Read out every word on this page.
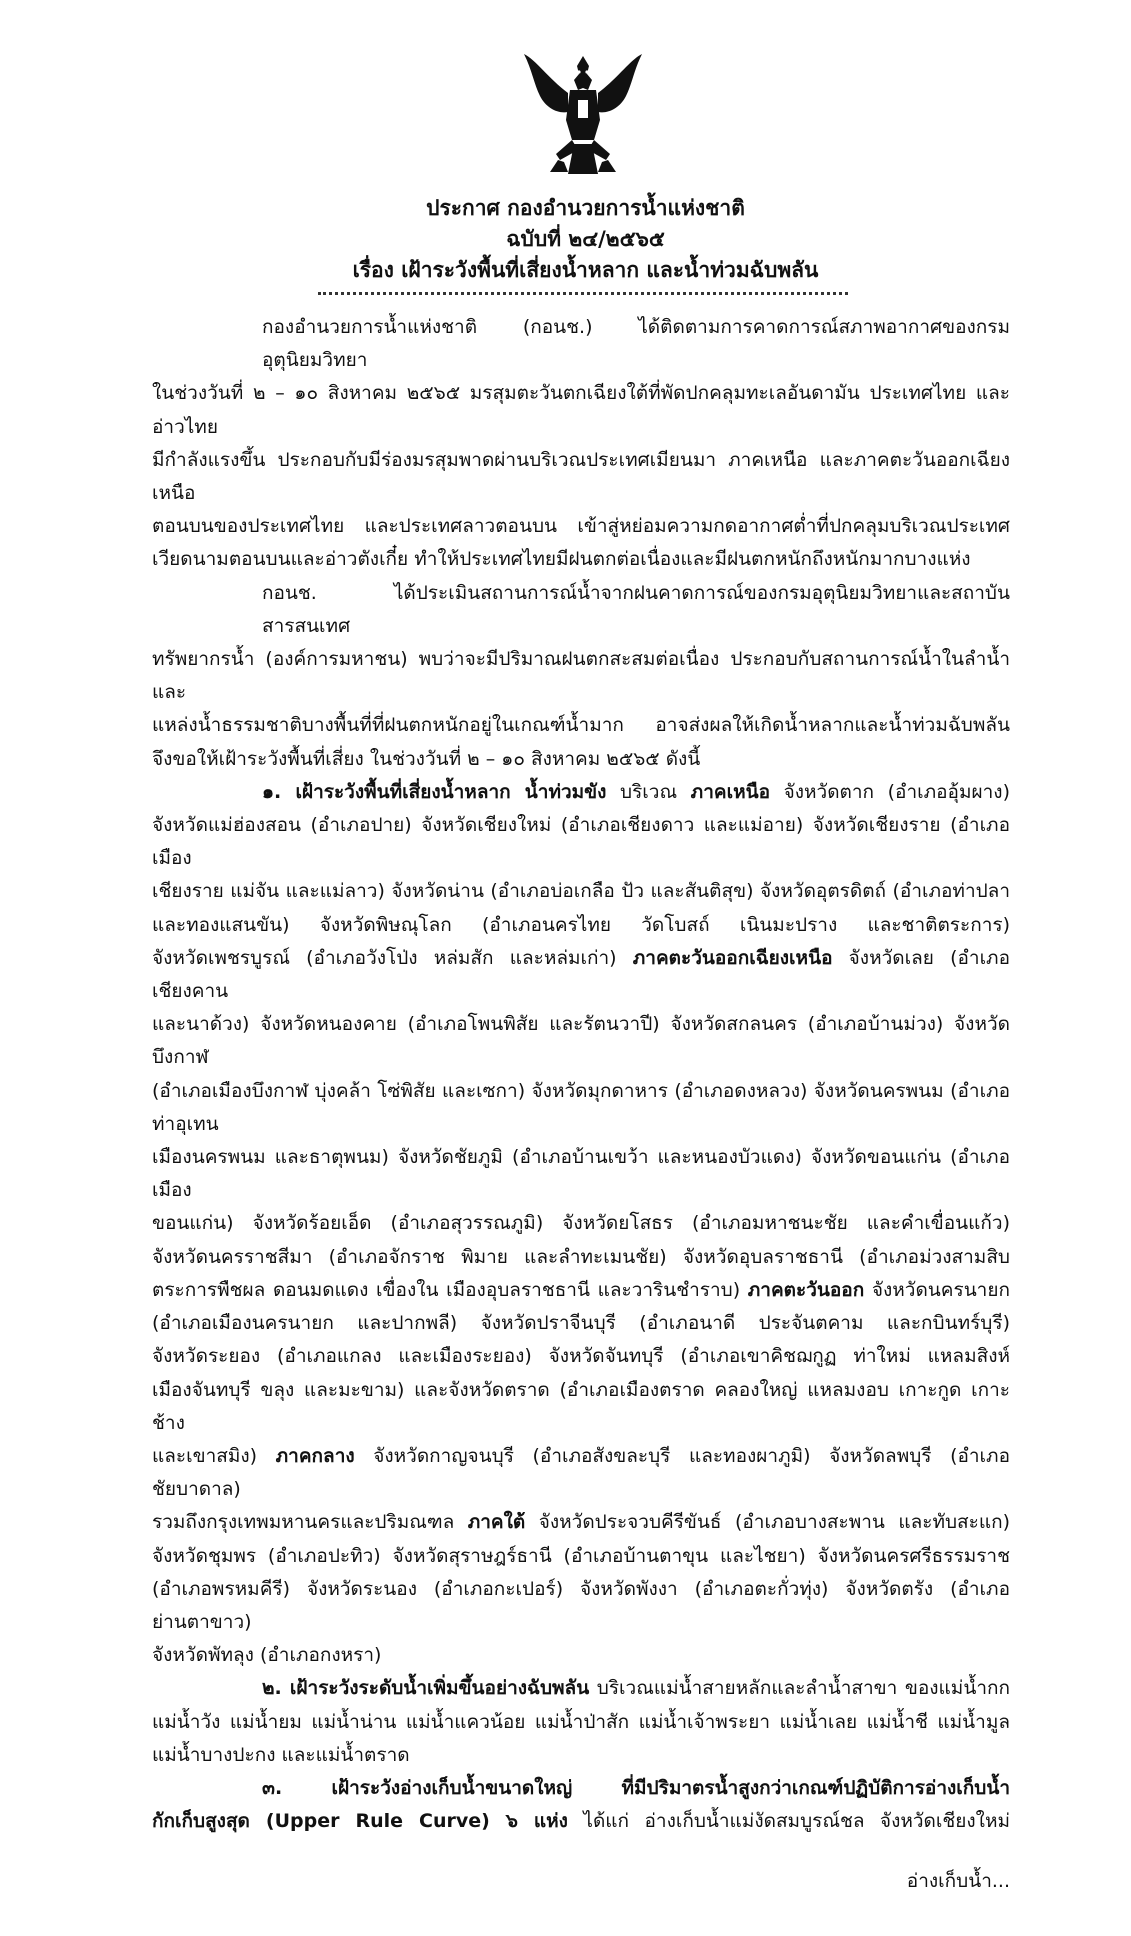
ประกาศ กองอำนวยการน้ำแห่งชาติ
ฉบับที่ ๒๔/๒๕๖๕
เรื่อง เฝ้าระวังพื้นที่เสี่ยงน้ำหลาก และน้ำท่วมฉับพลัน
กองอำนวยการน้ำแห่งชาติ (กอนช.) ได้ติดตามการคาดการณ์สภาพอากาศของกรมอุตุนิยมวิทยา
ในช่วงวันที่ ๒ – ๑๐ สิงหาคม ๒๕๖๕ มรสุมตะวันตกเฉียงใต้ที่พัดปกคลุมทะเลอันดามัน ประเทศไทย และอ่าวไทย
มีกำลังแรงขึ้น ประกอบกับมีร่องมรสุมพาดผ่านบริเวณประเทศเมียนมา ภาคเหนือ และภาคตะวันออกเฉียงเหนือ
ตอนบนของประเทศไทย และประเทศลาวตอนบน เข้าสู่หย่อมความกดอากาศต่ำที่ปกคลุมบริเวณประเทศ
เวียดนามตอนบนและอ่าวตังเกี๋ย ทำให้ประเทศไทยมีฝนตกต่อเนื่องและมีฝนตกหนักถึงหนักมากบางแห่ง
กอนช. ได้ประเมินสถานการณ์น้ำจากฝนคาดการณ์ของกรมอุตุนิยมวิทยาและสถาบันสารสนเทศ
ทรัพยากรน้ำ (องค์การมหาชน) พบว่าจะมีปริมาณฝนตกสะสมต่อเนื่อง ประกอบกับสถานการณ์น้ำในลำน้ำและ
แหล่งน้ำธรรมชาติบางพื้นที่ที่ฝนตกหนักอยู่ในเกณฑ์น้ำมาก อาจส่งผลให้เกิดน้ำหลากและน้ำท่วมฉับพลัน
จึงขอให้เฝ้าระวังพื้นที่เสี่ยง ในช่วงวันที่ ๒ – ๑๐ สิงหาคม ๒๕๖๕ ดังนี้
๑. เฝ้าระวังพื้นที่เสี่ยงน้ำหลาก น้ำท่วมขัง บริเวณ ภาคเหนือ จังหวัดตาก (อำเภออุ้มผาง)
จังหวัดแม่ฮ่องสอน (อำเภอปาย) จังหวัดเชียงใหม่ (อำเภอเชียงดาว และแม่อาย) จังหวัดเชียงราย (อำเภอเมือง
เชียงราย แม่จัน และแม่ลาว) จังหวัดน่าน (อำเภอบ่อเกลือ ปัว และสันติสุข) จังหวัดอุตรดิตถ์ (อำเภอท่าปลา
และทองแสนขัน) จังหวัดพิษณุโลก (อำเภอนครไทย วัดโบสถ์ เนินมะปราง และชาติตระการ)
จังหวัดเพชรบูรณ์ (อำเภอวังโป่ง หล่มสัก และหล่มเก่า) ภาคตะวันออกเฉียงเหนือ จังหวัดเลย (อำเภอเชียงคาน
และนาด้วง) จังหวัดหนองคาย (อำเภอโพนพิสัย และรัตนวาปี) จังหวัดสกลนคร (อำเภอบ้านม่วง) จังหวัดบึงกาฬ
(อำเภอเมืองบึงกาฬ บุ่งคล้า โซ่พิสัย และเซกา) จังหวัดมุกดาหาร (อำเภอดงหลวง) จังหวัดนครพนม (อำเภอท่าอุเทน
เมืองนครพนม และธาตุพนม) จังหวัดชัยภูมิ (อำเภอบ้านเขว้า และหนองบัวแดง) จังหวัดขอนแก่น (อำเภอเมือง
ขอนแก่น) จังหวัดร้อยเอ็ด (อำเภอสุวรรณภูมิ) จังหวัดยโสธร (อำเภอมหาชนะชัย และคำเขื่อนแก้ว)
จังหวัดนครราชสีมา (อำเภอจักราช พิมาย และลำทะเมนชัย) จังหวัดอุบลราชธานี (อำเภอม่วงสามสิบ
ตระการพืชผล ดอนมดแดง เขื่องใน เมืองอุบลราชธานี และวารินชำราบ) ภาคตะวันออก จังหวัดนครนายก
(อำเภอเมืองนครนายก และปากพลี) จังหวัดปราจีนบุรี (อำเภอนาดี ประจันตคาม และกบินทร์บุรี)
จังหวัดระยอง (อำเภอแกลง และเมืองระยอง) จังหวัดจันทบุรี (อำเภอเขาคิชฌกูฏ ท่าใหม่ แหลมสิงห์
เมืองจันทบุรี ขลุง และมะขาม) และจังหวัดตราด (อำเภอเมืองตราด คลองใหญ่ แหลมงอบ เกาะกูด เกาะช้าง
และเขาสมิง) ภาคกลาง จังหวัดกาญจนบุรี (อำเภอสังขละบุรี และทองผาภูมิ) จังหวัดลพบุรี (อำเภอชัยบาดาล)
รวมถึงกรุงเทพมหานครและปริมณฑล ภาคใต้ จังหวัดประจวบคีรีขันธ์ (อำเภอบางสะพาน และทับสะแก)
จังหวัดชุมพร (อำเภอปะทิว) จังหวัดสุราษฎร์ธานี (อำเภอบ้านตาขุน และไชยา) จังหวัดนครศรีธรรมราช
(อำเภอพรหมคีรี) จังหวัดระนอง (อำเภอกะเปอร์) จังหวัดพังงา (อำเภอตะกั่วทุ่ง) จังหวัดตรัง (อำเภอย่านตาขาว)
จังหวัดพัทลุง (อำเภอกงหรา)
๒. เฝ้าระวังระดับน้ำเพิ่มขึ้นอย่างฉับพลัน บริเวณแม่น้ำสายหลักและลำน้ำสาขา ของแม่น้ำกก
แม่น้ำวัง แม่น้ำยม แม่น้ำน่าน แม่น้ำแควน้อย แม่น้ำป่าสัก แม่น้ำเจ้าพระยา แม่น้ำเลย แม่น้ำชี แม่น้ำมูล
แม่น้ำบางปะกง และแม่น้ำตราด
๓. เฝ้าระวังอ่างเก็บน้ำขนาดใหญ่ ที่มีปริมาตรน้ำสูงกว่าเกณฑ์ปฏิบัติการอ่างเก็บน้ำ
กักเก็บสูงสุด (Upper Rule Curve) ๖ แห่ง ได้แก่ อ่างเก็บน้ำแม่งัดสมบูรณ์ชล จังหวัดเชียงใหม่
อ่างเก็บน้ำ...
